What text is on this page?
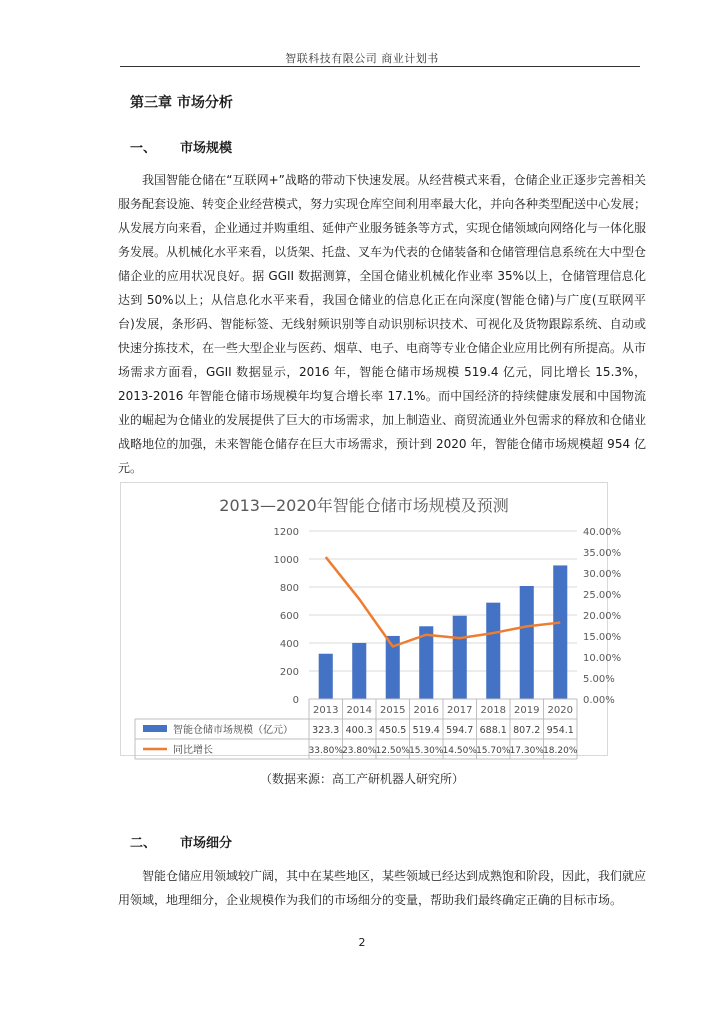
智联科技有限公司 商业计划书
第三章 市场分析
一、 市场规模
我国智能仓储在“互联网+”战略的带动下快速发展。从经营模式来看，仓储企业正逐步完善相关服务配套设施、转变企业经营模式，努力实现仓库空间利用率最大化，并向各种类型配送中心发展；从发展方向来看，企业通过并购重组、延伸产业服务链条等方式，实现仓储领域向网络化与一体化服务发展。从机械化水平来看，以货架、托盘、叉车为代表的仓储装备和仓储管理信息系统在大中型仓储企业的应用状况良好。据 GGII 数据测算，全国仓储业机械化作业率 35%以上，仓储管理信息化达到 50%以上；从信息化水平来看，我国仓储业的信息化正在向深度(智能仓储)与广度(互联网平台)发展，条形码、智能标签、无线射频识别等自动识别标识技术、可视化及货物跟踪系统、自动或快速分拣技术，在一些大型企业与医药、烟草、电子、电商等专业仓储企业应用比例有所提高。从市场需求方面看，GGII 数据显示，2016 年，智能仓储市场规模 519.4 亿元，同比增长 15.3%，2013-2016 年智能仓储市场规模年均复合增长率 17.1%。而中国经济的持续健康发展和中国物流业的崛起为仓储业的发展提供了巨大的市场需求，加上制造业、商贸流通业外包需求的释放和仓储业战略地位的加强，未来智能仓储存在巨大市场需求，预计到 2020 年，智能仓储市场规模超 954 亿元。
2013—2020年智能仓储市场规模及预测
0
200
400
600
800
1000
1200
0.00%
5.00%
10.00%
15.00%
20.00%
25.00%
30.00%
35.00%
40.00%
2013 2014 2015 2016 2017 2018 2019 2020
智能仓储市场规模（亿元） 323.3 400.3 450.5 519.4 594.7 688.1 807.2 954.1
同比增长	33.80% 23.80% 12.50% 15.30% 14.50% 15.70% 17.30% 18.20%
（数据来源：高工产研机器人研究所）
二、 市场细分
智能仓储应用领域较广阔，其中在某些地区，某些领域已经达到成熟饱和阶段，因此，我们就应用领域，地理细分，企业规模作为我们的市场细分的变量，帮助我们最终确定正确的目标市场。
2
